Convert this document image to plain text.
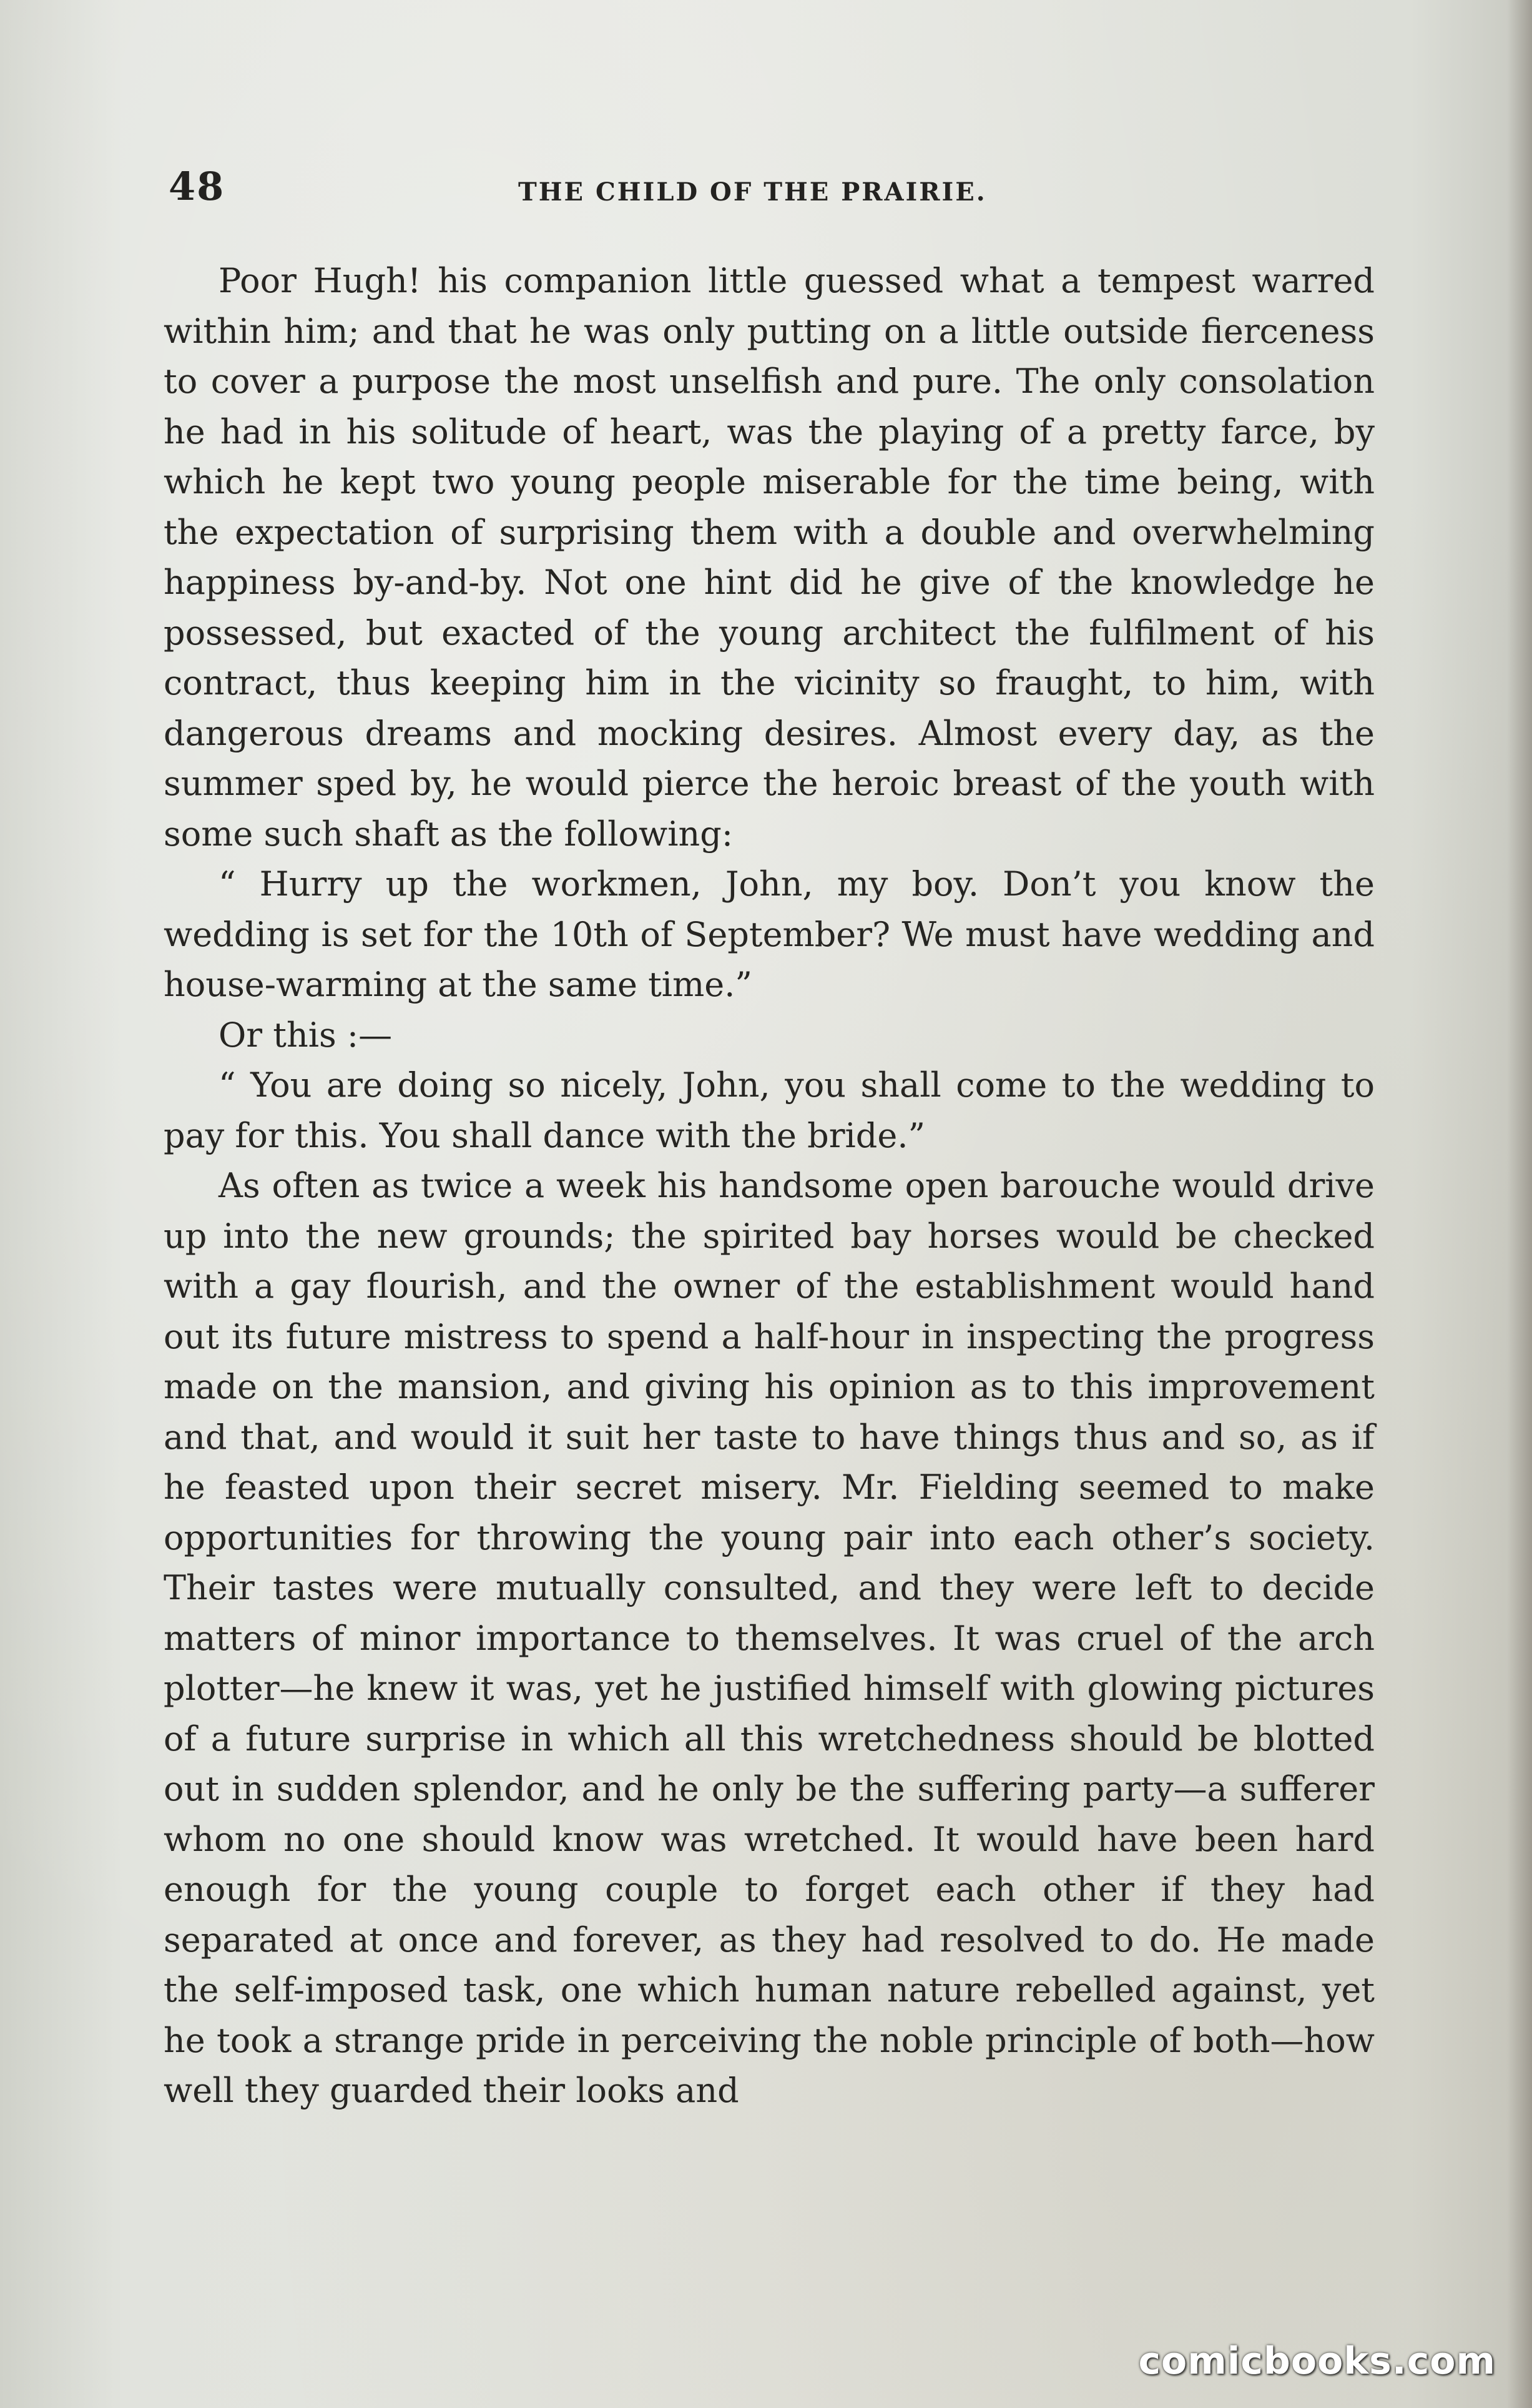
48	THE CHILD OF THE PRAIRIE.

Poor Hugh! his companion little guessed what a tempest warred within him; and that he was only putting on a little outside fierceness to cover a purpose the most unselfish and pure. The only consolation he had in his solitude of heart, was the playing of a pretty farce, by which he kept two young people miserable for the time being, with the expectation of surprising them with a double and overwhelming happiness by-and-by. Not one hint did he give of the knowledge he possessed, but exacted of the young architect the fulfilment of his contract, thus keeping him in the vicinity so fraught, to him, with dangerous dreams and mocking desires. Almost every day, as the summer sped by, he would pierce the heroic breast of the youth with some such shaft as the following:

“ Hurry up the workmen, John, my boy. Don’t you know the wedding is set for the 10th of September? We must have wedding and house-warming at the same time.”

Or this :—

“ You are doing so nicely, John, you shall come to the wedding to pay for this. You shall dance with the bride.”

As often as twice a week his handsome open barouche would drive up into the new grounds; the spirited bay horses would be checked with a gay flourish, and the owner of the establishment would hand out its future mistress to spend a half-hour in inspecting the progress made on the mansion, and giving his opinion as to this improvement and that, and would it suit her taste to have things thus and so, as if he feasted upon their secret misery. Mr. Fielding seemed to make opportunities for throwing the young pair into each other’s society. Their tastes were mutually consulted, and they were left to decide matters of minor importance to themselves. It was cruel of the arch plotter—he knew it was, yet he justified himself with glowing pictures of a future surprise in which all this wretchedness should be blotted out in sudden splendor, and he only be the suffering party—a sufferer whom no one should know was wretched. It would have been hard enough for the young couple to forget each other if they had separated at once and forever, as they had resolved to do. He made the self-imposed task, one which human nature rebelled against, yet he took a strange pride in perceiving the noble principle of both—how well they guarded their looks and

comicbooks.com
